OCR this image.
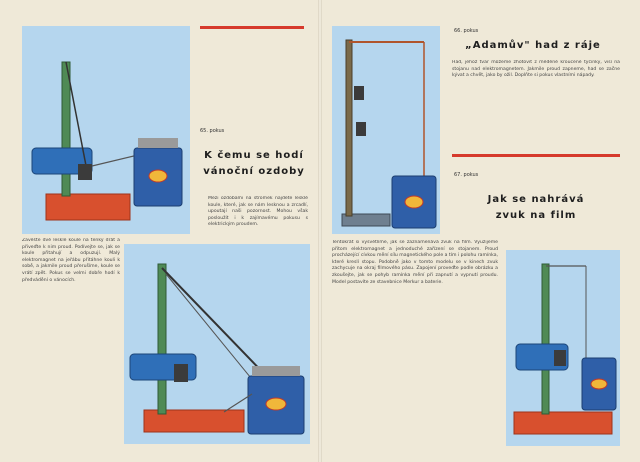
65. pokus
K čemu se hodí
vánoční ozdoby
Mezi ozdobami na stromek najdete lesklé koule, které, jak se nám lesknou a zrcadlí, upoutají naši pozornost. Mohou však posloužit i k zajímavému pokusu s elektrickým proudem.
Zavěšte dvě lesklé koule na tenký drát a přiveďte k nim proud. Podívejte se, jak se koule přitahují a odpuzují. Malý elektromagnet na jeřábu přitáhne kouli k sobě, a jakmile proud přerušíme, koule se vrátí zpět. Pokus se velmi dobře hodí k předvádění o vánocích.
66. pokus
„Adamův" had z ráje
Had, jehož tvar můžeme zhotovit z měděné kroucené tyčinky, visí na stojanu nad elektromagnetem. Jakmile proud zapneme, had se začne kývat a chvět, jako by ožil. Doplňte si pokus vlastními nápady.
67. pokus
Jak se nahrává
zvuk na film
Tentokrát si vysvětlíme, jak se zaznamenává zvuk na film. Využijeme přitom elektromagnet a jednoduché zařízení se stojanem. Proud procházející cívkou mění sílu magnetického pole a tím i polohu ramínka, které kreslí stopu. Podobně jako v tomto modelu se v kinech zvuk zachycuje na okraj filmového pásu. Zapojení proveďte podle obrázku a zkoušejte, jak se pohyb ramínka mění při zapnutí a vypnutí proudu. Model postavíte ze stavebnice Merkur a baterie.
